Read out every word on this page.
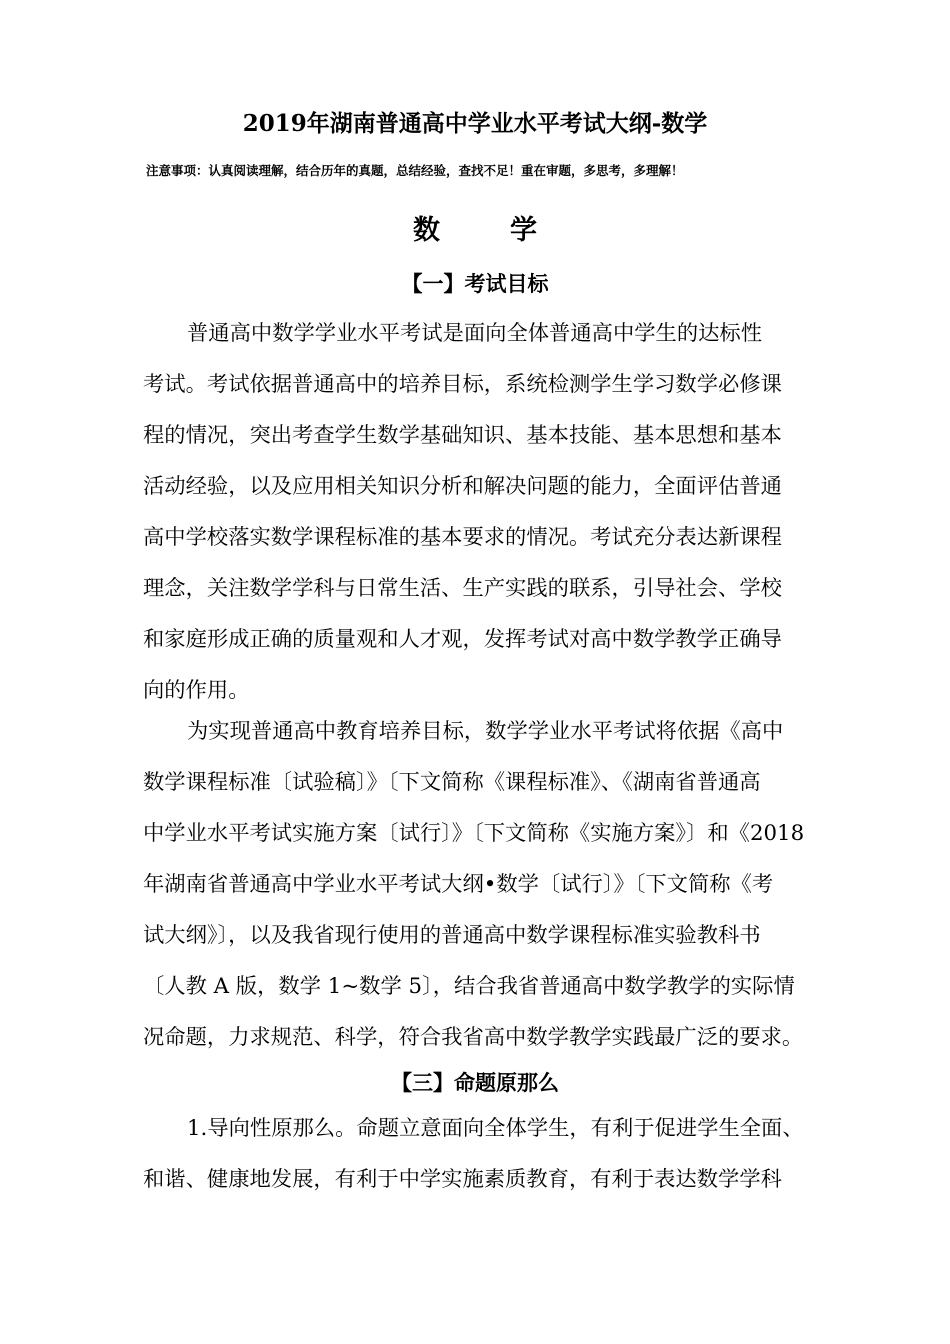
2019年湖南普通高中学业水平考试大纲-数学
注意事项：认真阅读理解，结合历年的真题，总结经验，查找不足！重在审题，多思考，多理解！
数	学
【一】考试目标
普通高中数学学业水平考试是面向全体普通高中学生的达标性
考试。考试依据普通高中的培养目标，系统检测学生学习数学必修课
程的情况，突出考查学生数学基础知识、基本技能、基本思想和基本
活动经验，以及应用相关知识分析和解决问题的能力，全面评估普通
高中学校落实数学课程标准的基本要求的情况。考试充分表达新课程
理念，关注数学学科与日常生活、生产实践的联系，引导社会、学校
和家庭形成正确的质量观和人才观，发挥考试对高中数学教学正确导
向的作用。
为实现普通高中教育培养目标，数学学业水平考试将依据《高中
数学课程标准〔试验稿〕》〔下文简称《课程标准》、《湖南省普通高
中学业水平考试实施方案〔试行〕》〔下文简称《实施方案》〕和《2018
年湖南省普通高中学业水平考试大纲•数学〔试行〕》〔下文简称《考
试大纲》〕，以及我省现行使用的普通高中数学课程标准实验教科书
〔人教 A 版，数学 1~数学 5〕，结合我省普通高中数学教学的实际情
况命题，力求规范、科学，符合我省高中数学教学实践最广泛的要求。
【三】命题原那么
1.导向性原那么。命题立意面向全体学生，有利于促进学生全面、
和谐、健康地发展，有利于中学实施素质教育，有利于表达数学学科
